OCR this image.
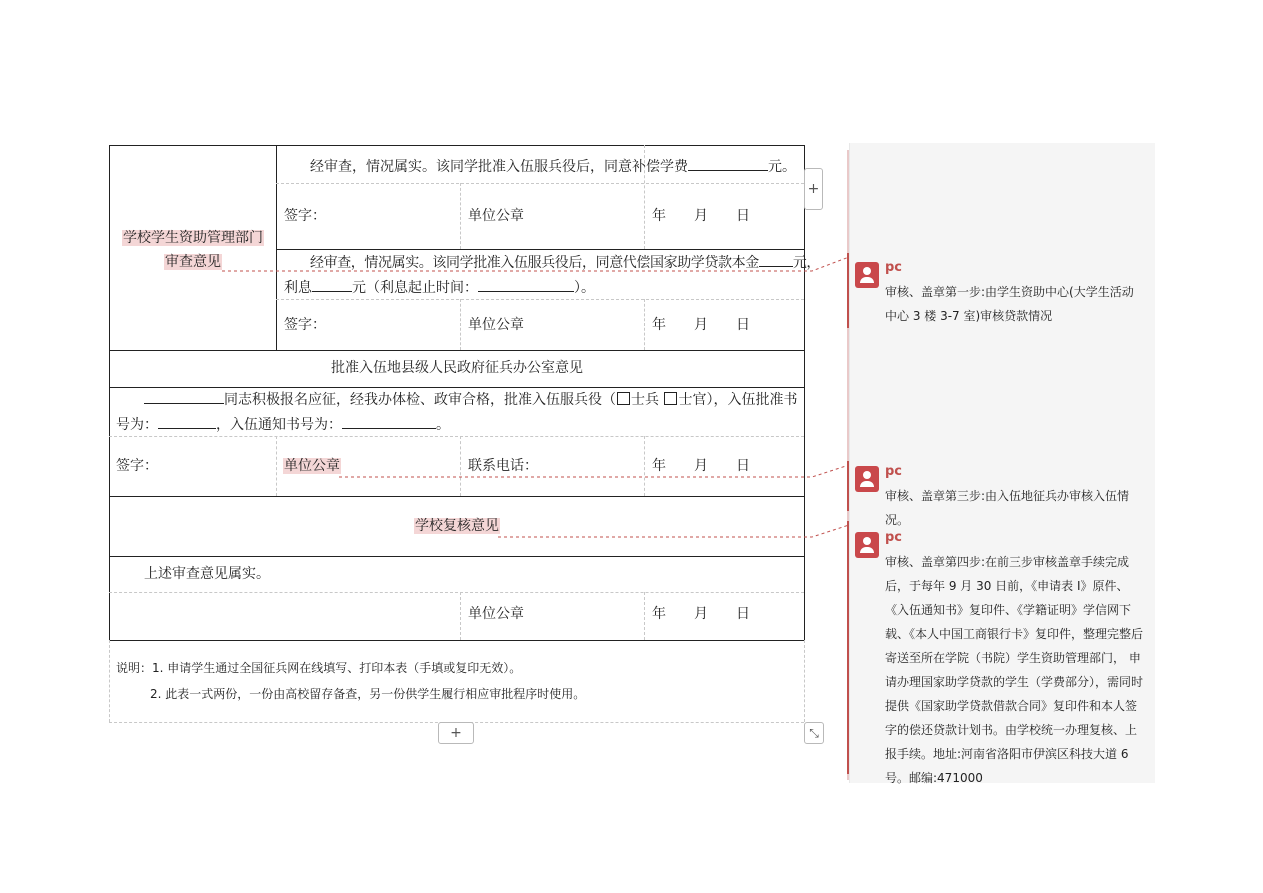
学校学生资助管理部门
审查意见
经审查，情况属实。该同学批准入伍服兵役后，同意补偿学费	元。
签字：	单位公章	年　　月　　日
经审查，情况属实。该同学批准入伍服兵役后，同意代偿国家助学贷款本金 元，
利息	元（利息起止时间：	）。
签字：	单位公章	年　　月　　日
批准入伍地县级人民政府征兵办公室意见
同志积极报名应征，经我办体检、政审合格，批准入伍服兵役（ 士兵 士官），入伍批准书
号为：	，入伍通知书号为：	。
签字：	单位公章	联系电话：	年　　月　　日
学校复核意见
上述审查意见属实。
单位公章	年　　月　　日
说明：1. 申请学生通过全国征兵网在线填写、打印本表（手填或复印无效）。
2. 此表一式两份，一份由高校留存备查，另一份供学生履行相应审批程序时使用。
+
+	⤡
pc
审核、盖章第一步:由学生资助中心(大学生活动中心 3 楼 3-7 室)审核贷款情况
pc
审核、盖章第三步:由入伍地征兵办审核入伍情况。
pc
审核、盖章第四步:在前三步审核盖章手续完成后，于每年 9 月 30 日前，《申请表 I》原件、《入伍通知书》复印件、《学籍证明》学信网下载、《本人中国工商银行卡》复印件，整理完整后寄送至所在学院（书院）学生资助管理部门， 申请办理国家助学贷款的学生（学费部分），需同时提供《国家助学贷款借款合同》复印件和本人签字的偿还贷款计划书。由学校统一办理复核、上报手续。地址:河南省洛阳市伊滨区科技大道 6 号。邮编:471000
